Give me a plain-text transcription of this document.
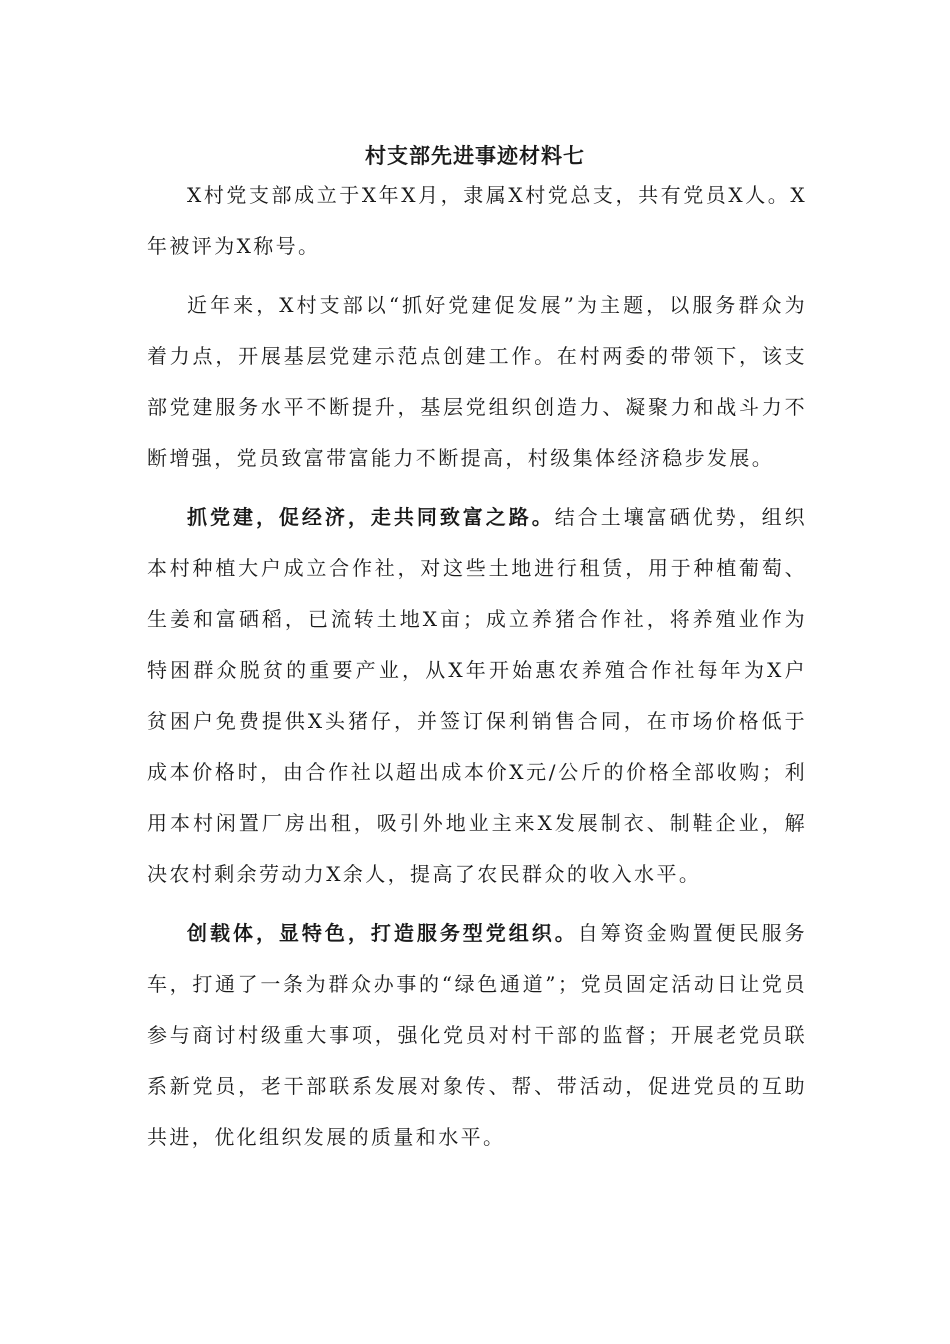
村支部先进事迹材料七

X村党支部成立于X年X月，隶属X村党总支，共有党员X人。X年被评为X称号。

近年来，X村支部以“抓好党建促发展”为主题，以服务群众为着力点，开展基层党建示范点创建工作。在村两委的带领下，该支部党建服务水平不断提升，基层党组织创造力、凝聚力和战斗力不断增强，党员致富带富能力不断提高，村级集体经济稳步发展。

抓党建，促经济，走共同致富之路。结合土壤富硒优势，组织本村种植大户成立合作社，对这些土地进行租赁，用于种植葡萄、生姜和富硒稻，已流转土地X亩；成立养猪合作社，将养殖业作为特困群众脱贫的重要产业，从X年开始惠农养殖合作社每年为X户贫困户免费提供X头猪仔，并签订保利销售合同，在市场价格低于成本价格时，由合作社以超出成本价X元/公斤的价格全部收购；利用本村闲置厂房出租，吸引外地业主来X发展制衣、制鞋企业，解决农村剩余劳动力X余人，提高了农民群众的收入水平。

创载体，显特色，打造服务型党组织。自筹资金购置便民服务车，打通了一条为群众办事的“绿色通道”；党员固定活动日让党员参与商讨村级重大事项，强化党员对村干部的监督；开展老党员联系新党员，老干部联系发展对象传、帮、带活动，促进党员的互助共进，优化组织发展的质量和水平。
